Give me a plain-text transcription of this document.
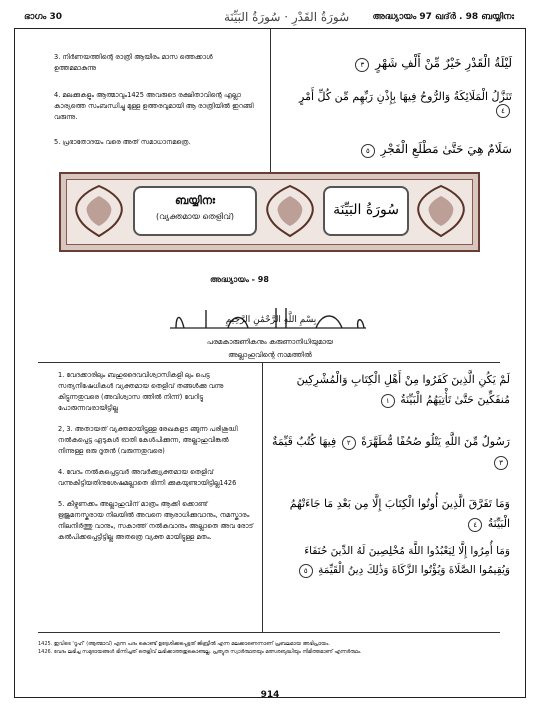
ഭാഗം 30	سُورَةُ القَدْرِ · سُورَةُ البَيِّنَة	അദ്ധ്യായം 97 ഖദ്ർ . 98 ബയ്യിനഃ
3. നിർണയത്തിന്റെ രാത്രി ആയിരം മാസ ത്തെക്കാൾ ഉത്തമമാകുന്നു
4. മലക്കുകളും ആത്മാവും1425 അവരുടെ രക്ഷിതാവിന്റെ എല്ലാ കാര്യത്തെ സംബന്ധിച്ചു മുള്ള ഉത്തരവുമായി ആ രാത്രിയിൽ ഇറങ്ങി വരുന്നു.
5. പ്രഭാതോദയം വരെ അത് സമാധാനമത്രെ.
لَيْلَةُ الْقَدْرِ خَيْرٌ مِّنْ أَلْفِ شَهْرٍ ٣
تَنَزَّلُ الْمَلَائِكَةُ وَالرُّوحُ فِيهَا بِإِذْنِ رَبِّهِم مِّن كُلِّ أَمْرٍ ٤
سَلَامٌ هِيَ حَتَّىٰ مَطْلَعِ الْفَجْرِ ٥
ബയ്യിനഃ
(വ്യക്തമായ തെളിവ്)	سُورَةُ البَيِّنَة
അദ്ധ്യായം - 98
بِسْمِ اللَّهِ الرَّحْمَٰنِ الرَّحِيمِ
പരമകാരുണികനും കരുണാനിധിയുമായ
അല്ലാഹുവിന്റെ നാമത്തിൽ
1. വേദക്കാരിലും ബഹുദൈവവിശ്വാസികളി ലും പെട്ട സത്യനിഷേധികൾ വ്യക്തമായ തെളിവ് തങ്ങൾക്കു വന്നു കിട്ടുന്നതുവരെ (അവിശ്വാസ ത്തിൽ നിന്ന്) വേറിട്ടു പോരുന്നവരായിട്ടില്ല
2, 3. അതായത് വ്യക്തമായിട്ടുള്ള രേഖകളട ങ്ങുന്ന പരിശുദ്ധി നൽകപ്പെട്ട ഏടുകൾ ഓതി കേൾപിക്കുന്ന, അല്ലാഹുവിങ്കൽ നിന്നുള്ള ഒരു ദൂതൻ (വരുന്നതുവരെ)
4. വേദം നൽകപ്പെട്ടവർ അവർക്ക്വ്യക്തമായ തെളിവ് വന്നുകിട്ടിയതിനുശേഷമല്ലാതെ ഭിന്നി ക്കുകയുണ്ടായിട്ടില്ല1426
5. കീഴ്വണക്കം അല്ലാഹുവിന് മാത്രം ആക്കി ക്കൊണ്ട് ഋജുമനസ്കരായ നിലയിൽ അവനെ ആരാധിക്കുവാനും, നമസ്കാരം നിലനിർത്തു വാനും, സകാത്ത് നൽകുവാനും അല്ലാതെ അവ രോട് കൽപിക്കപ്പെട്ടിട്ടില്ല അതത്രെ വ്യക്ത മായിട്ടുള്ള മതം.
لَمْ يَكُنِ الَّذِينَ كَفَرُوا مِنْ أَهْلِ الْكِتَابِ وَالْمُشْرِكِينَ مُنفَكِّينَ حَتَّىٰ تَأْتِيَهُمُ الْبَيِّنَةُ ١
رَسُولٌ مِّنَ اللَّهِ يَتْلُو صُحُفًا مُّطَهَّرَةً ٢ فِيهَا كُتُبٌ قَيِّمَةٌ ٣
وَمَا تَفَرَّقَ الَّذِينَ أُوتُوا الْكِتَابَ إِلَّا مِن بَعْدِ مَا جَاءَتْهُمُ الْبَيِّنَةُ ٤
وَمَا أُمِرُوا إِلَّا لِيَعْبُدُوا اللَّهَ مُخْلِصِينَ لَهُ الدِّينَ حُنَفَاءَ وَيُقِيمُوا الصَّلَاةَ وَيُؤْتُوا الزَّكَاةَ وَذَٰلِكَ دِينُ الْقَيِّمَةِ ٥
1425. ഇവിടെ 'റൂഹ്' (ആത്മാവ്) എന്ന പദം കൊണ്ട് ഉദ്ദേശിക്കപ്പെട്ടത് ജിബ്രീൽ എന്ന മലക്കാണെന്നാണ് പ്രബലമായ അഭിപ്രായം.
1426. വേദം ലഭിച്ച സമുദായങ്ങൾ ഭിന്നിച്ചത് തെളിവ് ലഭിക്കാത്തതുകൊണ്ടല്ല, പ്രത്യുത സ്വാർത്ഥതയും മത്സരബുദ്ധിയും നിമിത്തമാണ് എന്നർത്ഥം.
914
